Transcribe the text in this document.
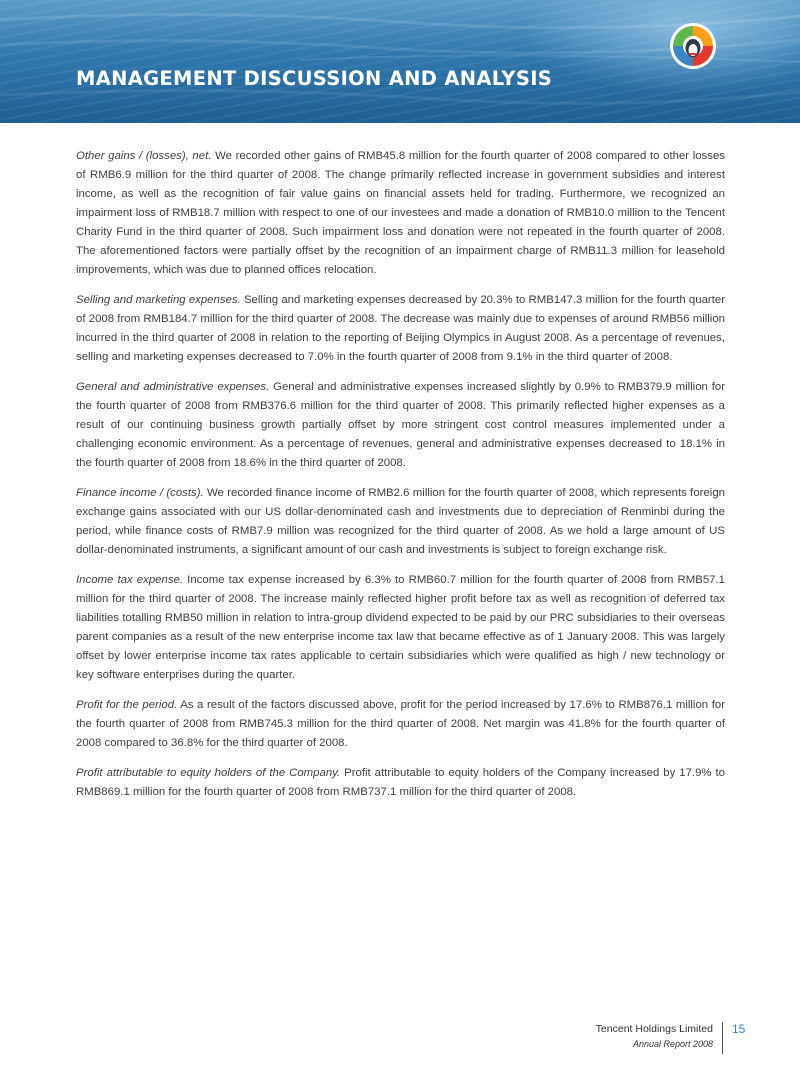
MANAGEMENT DISCUSSION AND ANALYSIS

Other gains / (losses), net. We recorded other gains of RMB45.8 million for the fourth quarter of 2008 compared to other losses of RMB6.9 million for the third quarter of 2008. The change primarily reflected increase in government subsidies and interest income, as well as the recognition of fair value gains on financial assets held for trading. Furthermore, we recognized an impairment loss of RMB18.7 million with respect to one of our investees and made a donation of RMB10.0 million to the Tencent Charity Fund in the third quarter of 2008. Such impairment loss and donation were not repeated in the fourth quarter of 2008. The aforementioned factors were partially offset by the recognition of an impairment charge of RMB11.3 million for leasehold improvements, which was due to planned offices relocation.

Selling and marketing expenses. Selling and marketing expenses decreased by 20.3% to RMB147.3 million for the fourth quarter of 2008 from RMB184.7 million for the third quarter of 2008. The decrease was mainly due to expenses of around RMB56 million incurred in the third quarter of 2008 in relation to the reporting of Beijing Olympics in August 2008. As a percentage of revenues, selling and marketing expenses decreased to 7.0% in the fourth quarter of 2008 from 9.1% in the third quarter of 2008.

General and administrative expenses. General and administrative expenses increased slightly by 0.9% to RMB379.9 million for the fourth quarter of 2008 from RMB376.6 million for the third quarter of 2008. This primarily reflected higher expenses as a result of our continuing business growth partially offset by more stringent cost control measures implemented under a challenging economic environment. As a percentage of revenues, general and administrative expenses decreased to 18.1% in the fourth quarter of 2008 from 18.6% in the third quarter of 2008.

Finance income / (costs). We recorded finance income of RMB2.6 million for the fourth quarter of 2008, which represents foreign exchange gains associated with our US dollar-denominated cash and investments due to depreciation of Renminbi during the period, while finance costs of RMB7.9 million was recognized for the third quarter of 2008. As we hold a large amount of US dollar-denominated instruments, a significant amount of our cash and investments is subject to foreign exchange risk.

Income tax expense. Income tax expense increased by 6.3% to RMB60.7 million for the fourth quarter of 2008 from RMB57.1 million for the third quarter of 2008. The increase mainly reflected higher profit before tax as well as recognition of deferred tax liabilities totalling RMB50 million in relation to intra-group dividend expected to be paid by our PRC subsidiaries to their overseas parent companies as a result of the new enterprise income tax law that became effective as of 1 January 2008. This was largely offset by lower enterprise income tax rates applicable to certain subsidiaries which were qualified as high / new technology or key software enterprises during the quarter.

Profit for the period. As a result of the factors discussed above, profit for the period increased by 17.6% to RMB876.1 million for the fourth quarter of 2008 from RMB745.3 million for the third quarter of 2008. Net margin was 41.8% for the fourth quarter of 2008 compared to 36.8% for the third quarter of 2008.

Profit attributable to equity holders of the Company. Profit attributable to equity holders of the Company increased by 17.9% to RMB869.1 million for the fourth quarter of 2008 from RMB737.1 million for the third quarter of 2008.

Tencent Holdings Limited

Annual Report 2008

15
